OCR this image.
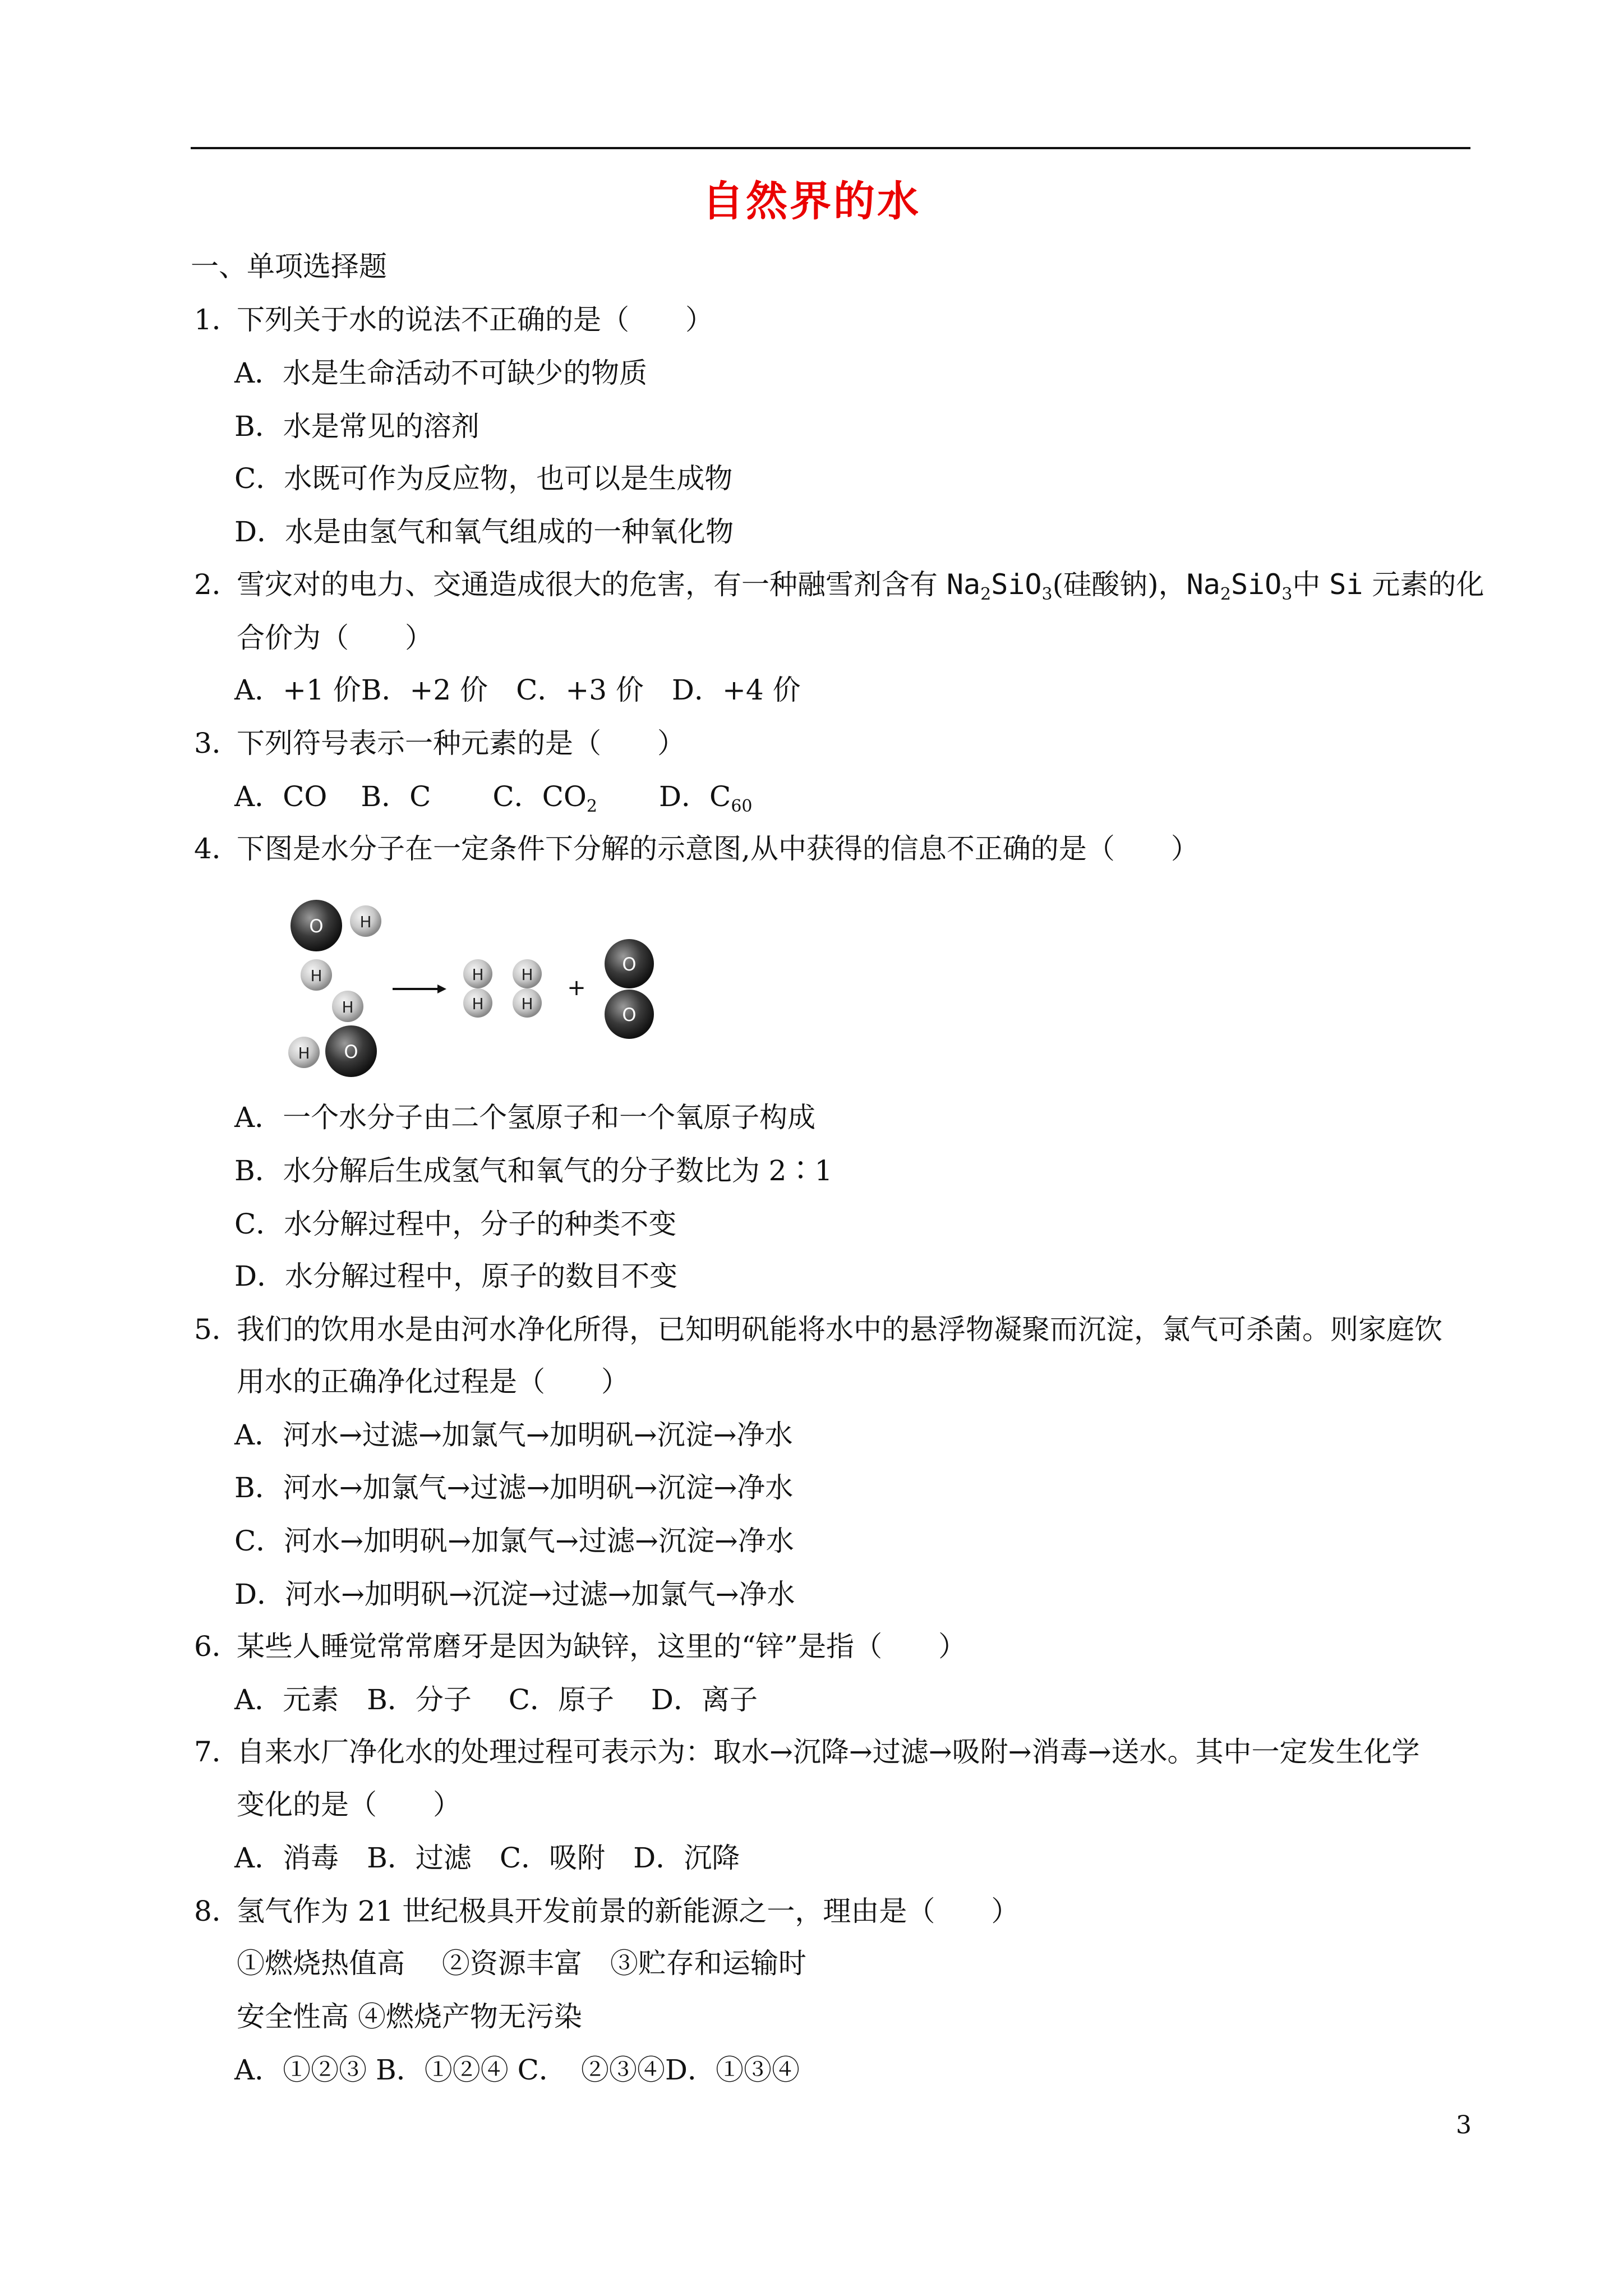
自然界的水
一、单项选择题
1．下列关于水的说法不正确的是（　　）
A．水是生命活动不可缺少的物质
B．水是常见的溶剂
C．水既可作为反应物，也可以是生成物
D．水是由氢气和氧气组成的一种氧化物
2．雪灾对的电力、交通造成很大的危害，有一种融雪剂含有 $Na_2SiO_3$(硅酸钠)，$Na_2SiO_3$中 Si 元素的化
合价为（　　）
A．+1 价B．+2 价　 C．+3 价　 D．+4 价
3．下列符号表示一种元素的是（　　）
A．CO B．C C．$CO_2$ D．$C_{60}$
4．下图是水分子在一定条件下分解的示意图,从中获得的信息不正确的是（　　）
O H
H
H
H O
H
H
H
H
+
O
O
A．一个水分子由二个氢原子和一个氧原子构成
B．水分解后生成氢气和氧气的分子数比为 2∶1
C．水分解过程中，分子的种类不变
D．水分解过程中，原子的数目不变
5．我们的饮用水是由河水净化所得，已知明矾能将水中的悬浮物凝聚而沉淀，氯气可杀菌。则家庭饮
用水的正确净化过程是（　　）
A．河水→过滤→加氯气→加明矾→沉淀→净水
B．河水→加氯气→过滤→加明矾→沉淀→净水
C．河水→加明矾→加氯气→过滤→沉淀→净水
D．河水→加明矾→沉淀→过滤→加氯气→净水
6．某些人睡觉常常磨牙是因为缺锌，这里的“锌”是指（　　）
A．元素　B．分子　 C．原子　 D．离子
7．自来水厂净化水的处理过程可表示为：取水→沉降→过滤→吸附→消毒→送水。其中一定发生化学
变化的是（　　）
A．消毒　B．过滤　C．吸附　D．沉降
8．氢气作为 21 世纪极具开发前景的新能源之一，理由是（　　）
①燃烧热值高　 ②资源丰富　③贮存和运输时
安全性高 ④燃烧产物无污染
A．①②③ B．①②④ C．　②③④D．①③④
3
